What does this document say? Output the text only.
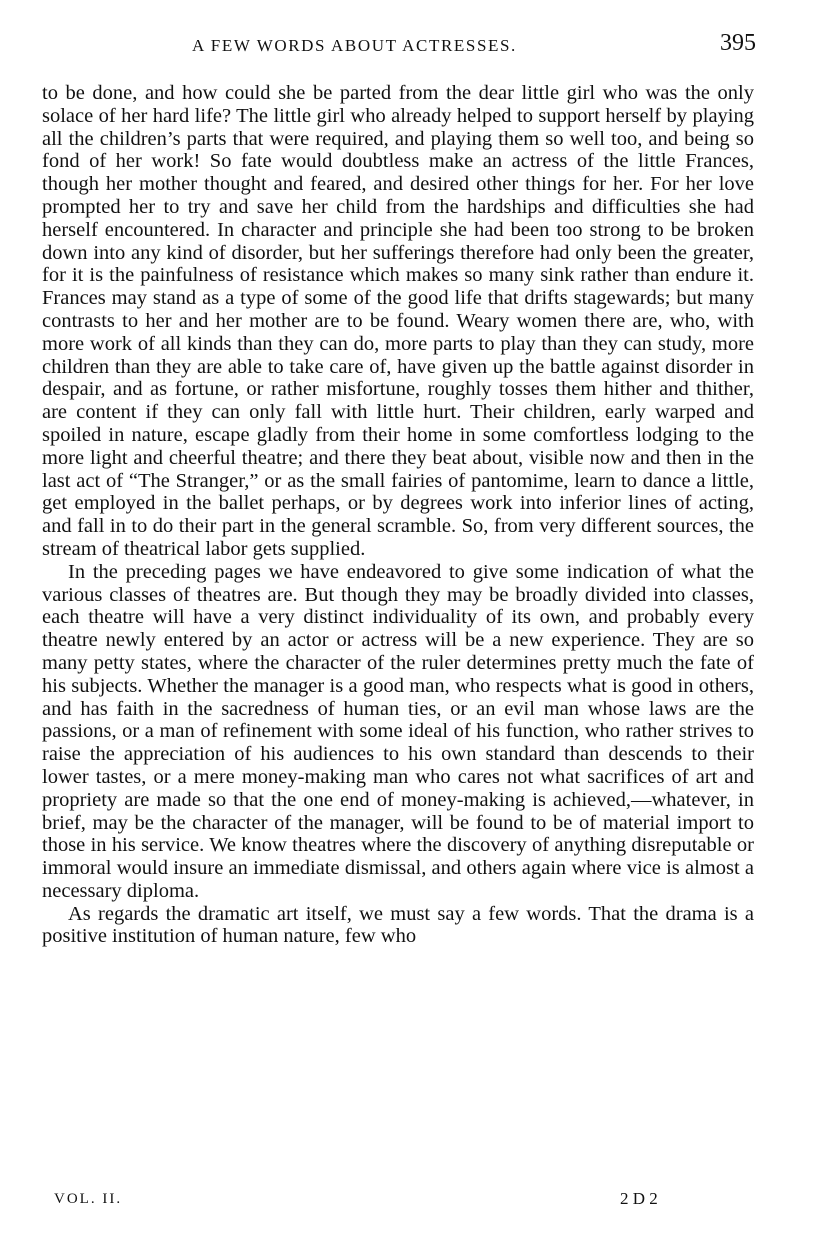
A FEW WORDS ABOUT ACTRESSES.	395

to be done, and how could she be parted from the dear little girl who was the only solace of her hard life? The little girl who already helped to support herself by playing all the children’s parts that were required, and playing them so well too, and being so fond of her work! So fate would doubtless make an actress of the little Frances, though her mother thought and feared, and desired other things for her. For her love prompted her to try and save her child from the hardships and difficulties she had herself encountered. In character and principle she had been too strong to be broken down into any kind of disorder, but her sufferings therefore had only been the greater, for it is the painfulness of resistance which makes so many sink rather than endure it. Frances may stand as a type of some of the good life that drifts stagewards; but many contrasts to her and her mother are to be found. Weary women there are, who, with more work of all kinds than they can do, more parts to play than they can study, more children than they are able to take care of, have given up the battle against disorder in despair, and as fortune, or rather misfortune, roughly tosses them hither and thither, are content if they can only fall with little hurt. Their children, early warped and spoiled in nature, escape gladly from their home in some comfortless lodging to the more light and cheerful theatre; and there they beat about, visible now and then in the last act of “The Stranger,” or as the small fairies of pantomime, learn to dance a little, get employed in the ballet perhaps, or by degrees work into inferior lines of acting, and fall in to do their part in the general scramble. So, from very different sources, the stream of theatrical labor gets supplied.

In the preceding pages we have endeavored to give some indication of what the various classes of theatres are. But though they may be broadly divided into classes, each theatre will have a very distinct individuality of its own, and probably every theatre newly entered by an actor or actress will be a new experience. They are so many petty states, where the character of the ruler determines pretty much the fate of his subjects. Whether the manager is a good man, who respects what is good in others, and has faith in the sacredness of human ties, or an evil man whose laws are the passions, or a man of refinement with some ideal of his function, who rather strives to raise the appreciation of his audiences to his own standard than descends to their lower tastes, or a mere money-making man who cares not what sacrifices of art and propriety are made so that the one end of money-making is achieved,—whatever, in brief, may be the character of the manager, will be found to be of material import to those in his service. We know theatres where the discovery of anything disreputable or immoral would insure an immediate dismissal, and others again where vice is almost a necessary diploma.

As regards the dramatic art itself, we must say a few words. That the drama is a positive institution of human nature, few who

VOL. II.	2 D 2
